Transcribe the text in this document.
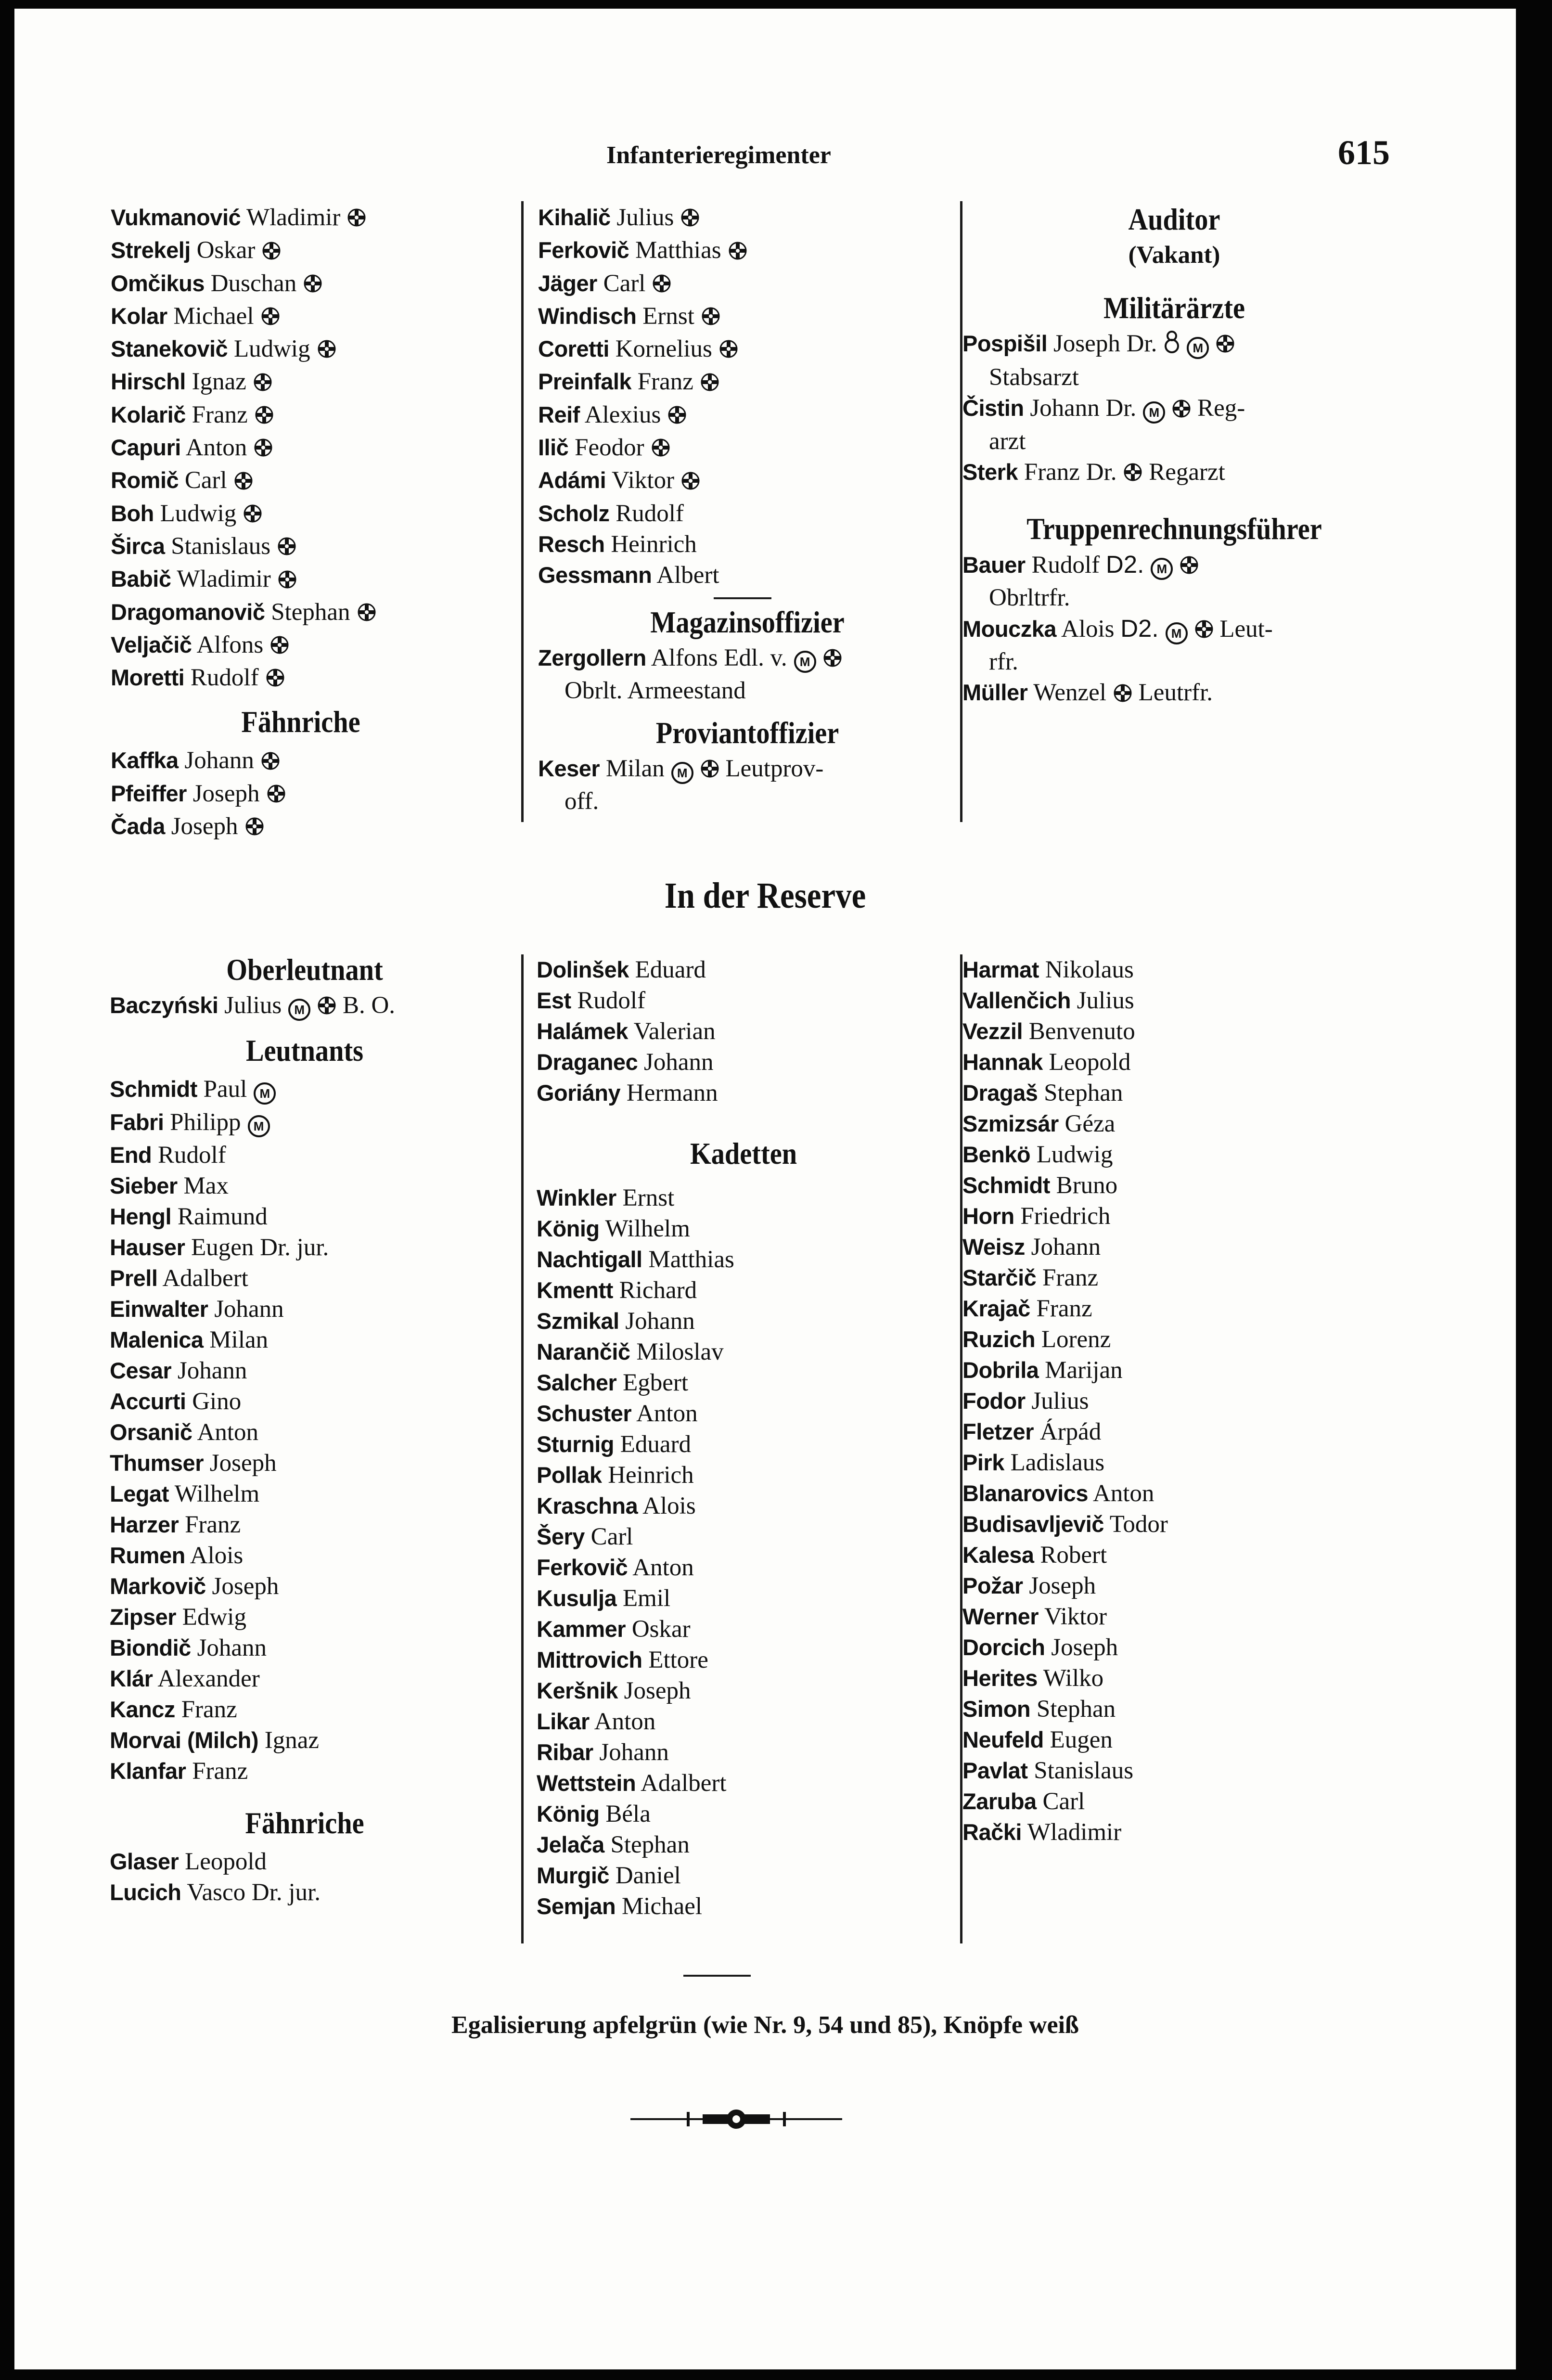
Infanterieregimenter	615
Vukmanović Wladimir
Strekelj Oskar
Omčikus Duschan
Kolar Michael
Stanekovič Ludwig
Hirschl Ignaz
Kolarič Franz
Capuri Anton
Romič Carl
Boh Ludwig
Širca Stanislaus
Babič Wladimir
Dragomanovič Stephan
Veljačič Alfons
Moretti Rudolf
Fähnriche
Kaffka Johann
Pfeiffer Joseph
Čada Joseph
Kihalič Julius
Ferkovič Matthias
Jäger Carl
Windisch Ernst
Coretti Kornelius
Preinfalk Franz
Reif Alexius
Ilič Feodor
Adámi Viktor
Scholz Rudolf
Resch Heinrich
Gessmann Albert
Magazinsoffizier
Zergollern Alfons Edl. v. M
Obrlt. Armeestand
Proviantoffizier
Keser Milan M Leutprov-
off.
Auditor
(Vakant)
Militärärzte
Pospišil Joseph Dr.	M
Stabsarzt
Čistin Johann Dr. M Reg-
arzt
Sterk Franz Dr. Regarzt
Truppenrechnungsführer
Bauer Rudolf D2. M
Obrltrfr.
Mouczka Alois D2. M Leut-
rfr.
Müller Wenzel Leutrfr.
In der Reserve
Oberleutnant
Baczyński Julius M B. O.
Leutnants
Schmidt Paul M
Fabri Philipp M
End Rudolf
Sieber Max
Hengl Raimund
Hauser Eugen Dr. jur.
Prell Adalbert
Einwalter Johann
Malenica Milan
Cesar Johann
Accurti Gino
Orsanič Anton
Thumser Joseph
Legat Wilhelm
Harzer Franz
Rumen Alois
Markovič Joseph
Zipser Edwig
Biondič Johann
Klár Alexander
Kancz Franz
Morvai (Milch) Ignaz
Klanfar Franz
Fähnriche
Glaser Leopold
Lucich Vasco Dr. jur.
Dolinšek Eduard
Est Rudolf
Halámek Valerian
Draganec Johann
Goriány Hermann
Kadetten
Winkler Ernst
König Wilhelm
Nachtigall Matthias
Kmentt Richard
Szmikal Johann
Narančič Miloslav
Salcher Egbert
Schuster Anton
Sturnig Eduard
Pollak Heinrich
Kraschna Alois
Šery Carl
Ferkovič Anton
Kusulja Emil
Kammer Oskar
Mittrovich Ettore
Keršnik Joseph
Likar Anton
Ribar Johann
Wettstein Adalbert
König Béla
Jelača Stephan
Murgič Daniel
Semjan Michael
Harmat Nikolaus
Vallenčich Julius
Vezzil Benvenuto
Hannak Leopold
Dragaš Stephan
Szmizsár Géza
Benkö Ludwig
Schmidt Bruno
Horn Friedrich
Weisz Johann
Starčič Franz
Krajač Franz
Ruzich Lorenz
Dobrila Marijan
Fodor Julius
Fletzer Árpád
Pirk Ladislaus
Blanarovics Anton
Budisavljevič Todor
Kalesa Robert
Požar Joseph
Werner Viktor
Dorcich Joseph
Herites Wilko
Simon Stephan
Neufeld Eugen
Pavlat Stanislaus
Zaruba Carl
Rački Wladimir
Egalisierung apfelgrün (wie Nr. 9, 54 und 85), Knöpfe weiß
